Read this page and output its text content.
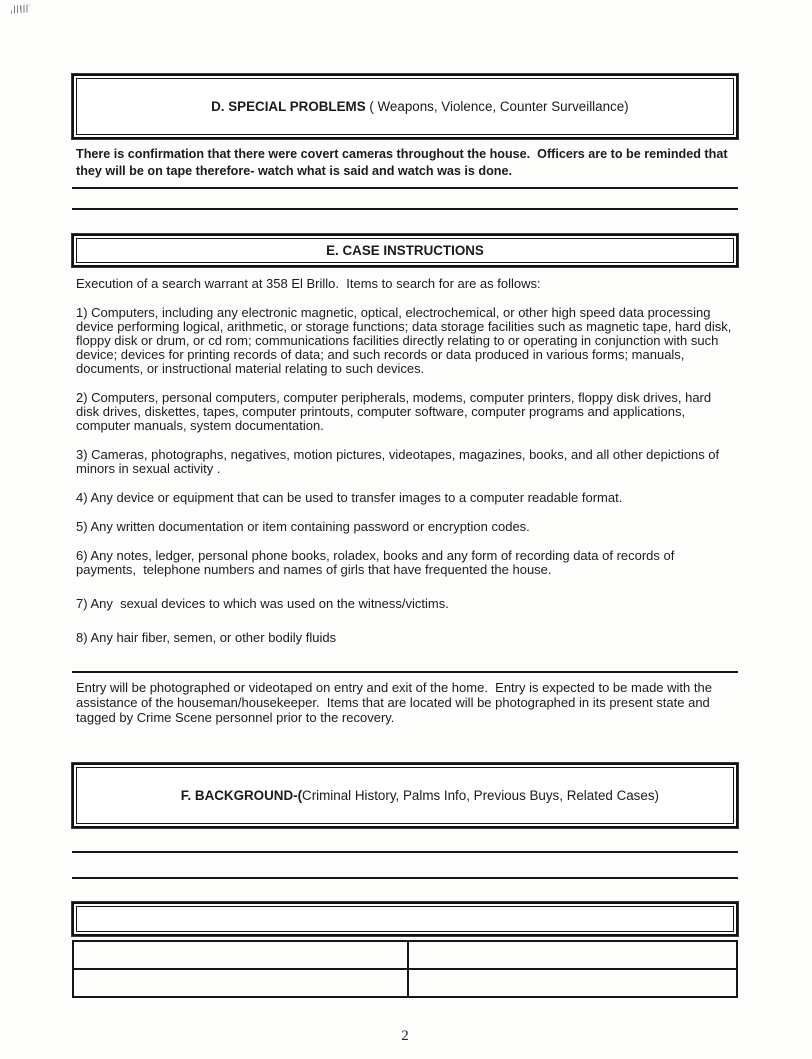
D. SPECIAL PROBLEMS ( Weapons, Violence, Counter Surveillance)

There is confirmation that there were covert cameras throughout the house.  Officers are to be reminded that they will be on tape therefore- watch what is said and watch was is done.
E. CASE INSTRUCTIONS
Execution of a search warrant at 358 El Brillo.  Items to search for are as follows:
1) Computers, including any electronic magnetic, optical, electrochemical, or other high speed data processing device performing logical, arithmetic, or storage functions; data storage facilities such as magnetic tape, hard disk, floppy disk or drum, or cd rom; communications facilities directly relating to or operating in conjunction with such device; devices for printing records of data; and such records or data produced in various forms; manuals, documents, or instructional material relating to such devices.
2) Computers, personal computers, computer peripherals, modems, computer printers, floppy disk drives, hard disk drives, diskettes, tapes, computer printouts, computer software, computer programs and applications, computer manuals, system documentation.
3) Cameras, photographs, negatives, motion pictures, videotapes, magazines, books, and all other depictions of minors in sexual activity .
4) Any device or equipment that can be used to transfer images to a computer readable format.
5) Any written documentation or item containing password or encryption codes.
6) Any notes, ledger, personal phone books, roladex, books and any form of recording data of records of payments,  telephone numbers and names of girls that have frequented the house.
7) Any  sexual devices to which was used on the witness/victims.
8) Any hair fiber, semen, or other bodily fluids
Entry will be photographed or videotaped on entry and exit of the home.  Entry is expected to be made with the assistance of the houseman/housekeeper.  Items that are located will be photographed in its present state and tagged by Crime Scene personnel prior to the recovery.

F. BACKGROUND-(Criminal History, Palms Info, Previous Buys, Related Cases)

2
